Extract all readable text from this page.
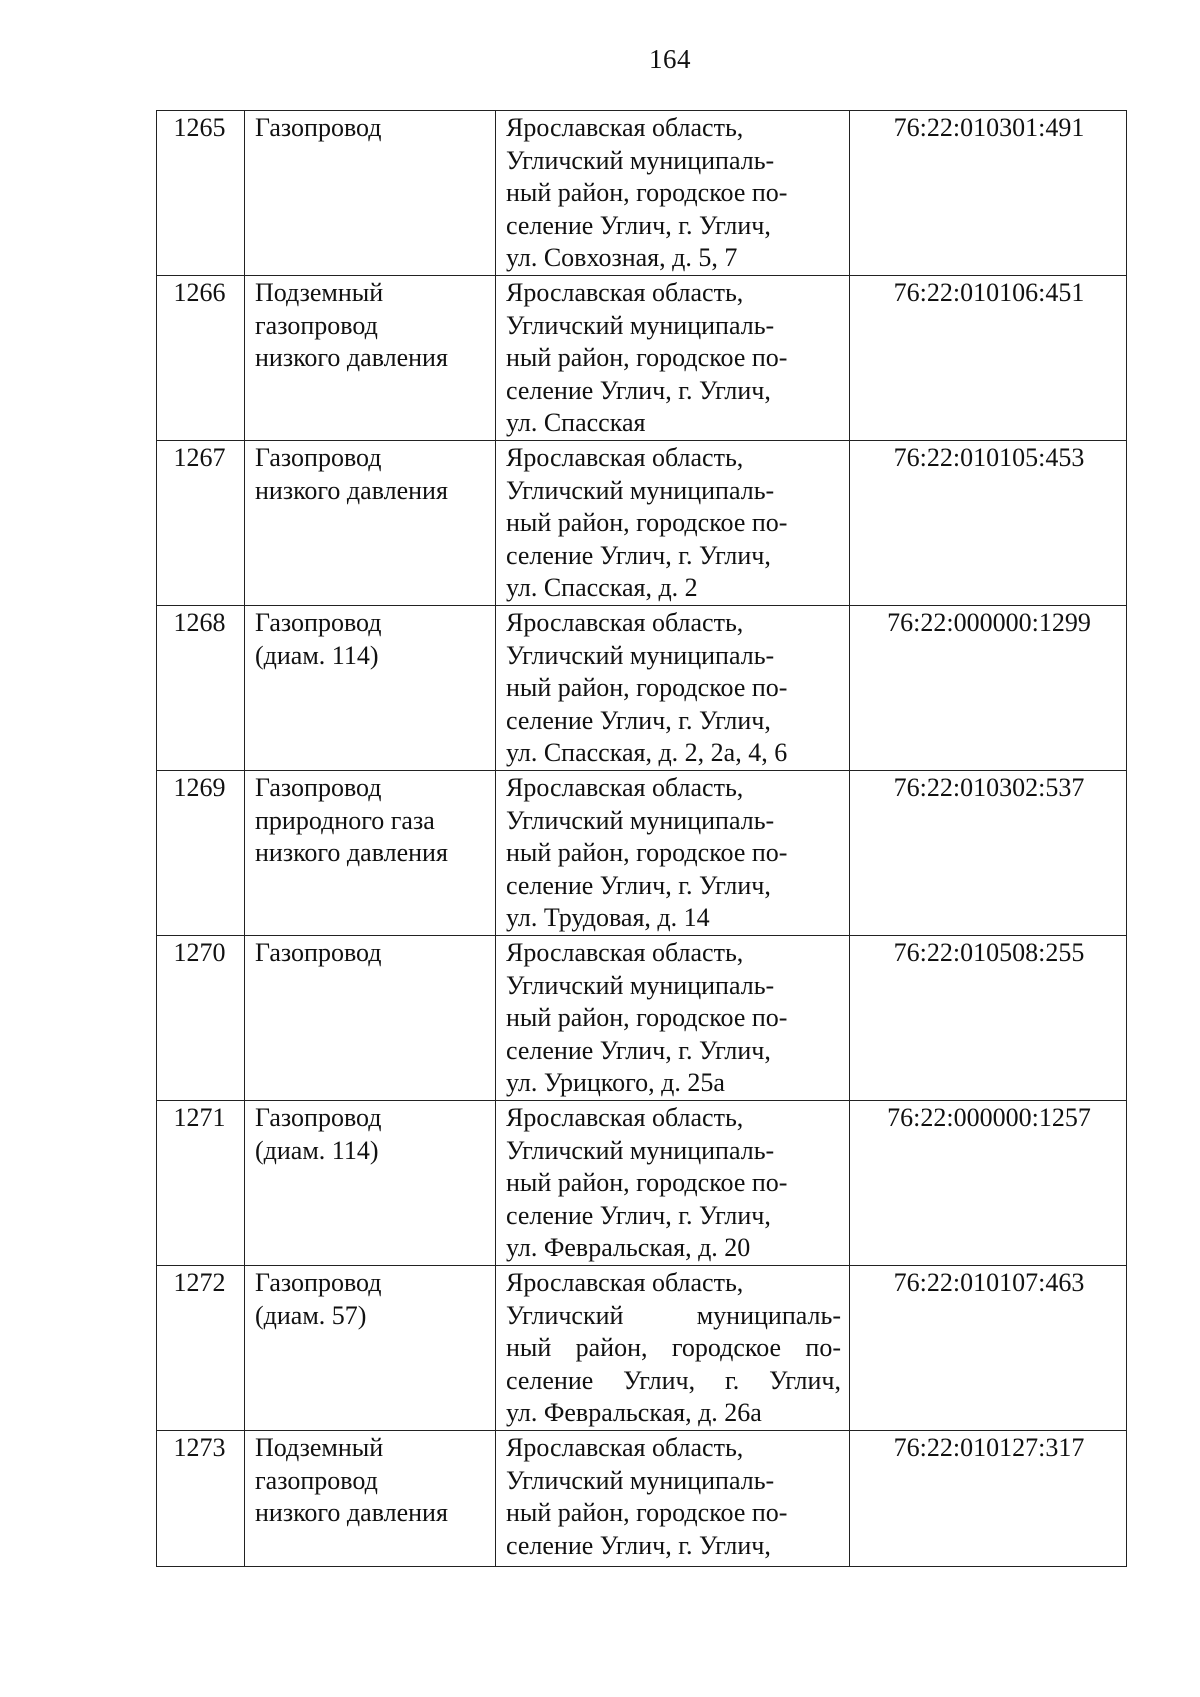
164
1265	Газопровод	Ярославская область,
Угличский муниципаль-
ный район, городское по-
селение Углич, г. Углич,
ул. Совхозная, д. 5, 7	76:22:010301:491
1266	Подземный
газопровод
низкого давления	Ярославская область,
Угличский муниципаль-
ный район, городское по-
селение Углич, г. Углич,
ул. Спасская	76:22:010106:451
1267	Газопровод
низкого давления	Ярославская область,
Угличский муниципаль-
ный район, городское по-
селение Углич, г. Углич,
ул. Спасская, д. 2	76:22:010105:453
1268	Газопровод
(диам. 114)	Ярославская область,
Угличский муниципаль-
ный район, городское по-
селение Углич, г. Углич,
ул. Спасская, д. 2, 2а, 4, 6	76:22:000000:1299
1269	Газопровод
природного газа
низкого давления	Ярославская область,
Угличский муниципаль-
ный район, городское по-
селение Углич, г. Углич,
ул. Трудовая, д. 14	76:22:010302:537
1270	Газопровод	Ярославская область,
Угличский муниципаль-
ный район, городское по-
селение Углич, г. Углич,
ул. Урицкого, д. 25а	76:22:010508:255
1271	Газопровод
(диам. 114)	Ярославская область,
Угличский муниципаль-
ный район, городское по-
селение Углич, г. Углич,
ул. Февральская, д. 20	76:22:000000:1257
1272	Газопровод
(диам. 57)	Ярославская область,
Угличский муниципаль-
ный район, городское по-
селение Углич, г. Углич,
ул. Февральская, д. 26а	76:22:010107:463
1273	Подземный
газопровод
низкого давления	Ярославская область,
Угличский муниципаль-
ный район, городское по-
селение Углич, г. Углич,	76:22:010127:317
